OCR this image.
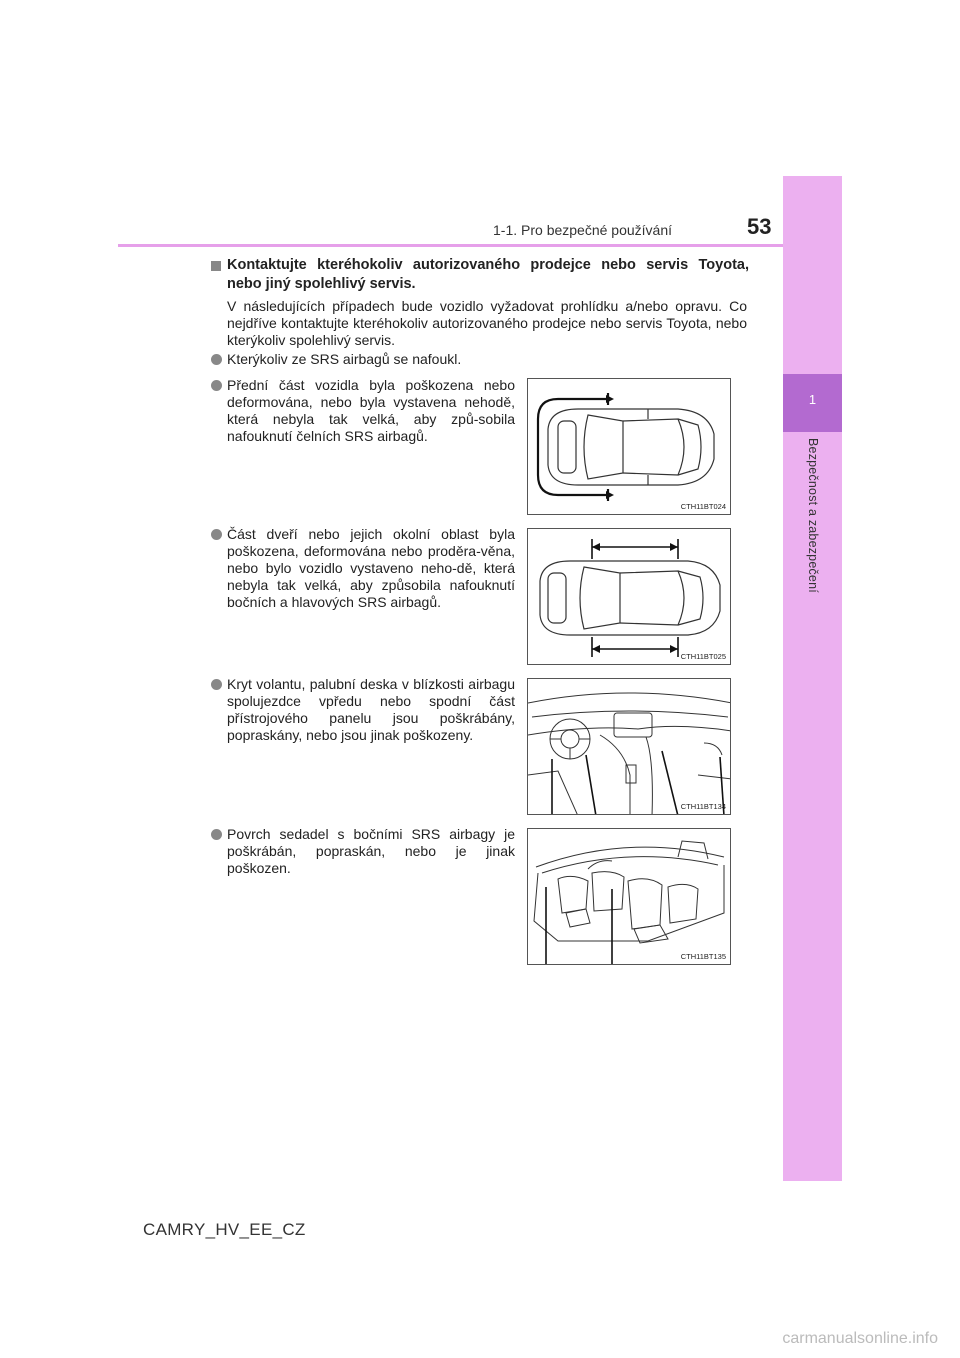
1
Bezpečnost a zabezpečení
1-1. Pro bezpečné používání	53
Kontaktujte kteréhokoliv autorizovaného prodejce nebo servis Toyota, nebo jiný spolehlivý servis.
V následujících případech bude vozidlo vyžadovat prohlídku a/nebo opravu. Co nejdříve kontaktujte kteréhokoliv autorizovaného prodejce nebo servis Toyota, nebo kterýkoliv spolehlivý servis.
Kterýkoliv ze SRS airbagů se nafoukl.
Přední část vozidla byla poškozena nebo deformována, nebo byla vystavena nehodě, která nebyla tak velká, aby způ-sobila nafouknutí čelních SRS airbagů.
Část dveří nebo jejich okolní oblast byla poškozena, deformována nebo proděra-věna, nebo bylo vozidlo vystaveno neho-dě, která nebyla tak velká, aby způsobila nafouknutí bočních a hlavových SRS airbagů.
Kryt volantu, palubní deska v blízkosti airbagu spolujezdce vpředu nebo spodní část přístrojového panelu jsou poškrábány, popraskány, nebo jsou jinak poškozeny.
Povrch sedadel s bočními SRS airbagy je poškrábán, popraskán, nebo je jinak poškozen.
CTH11BT024
CTH11BT025
CTH11BT134
CTH11BT135
CAMRY_HV_EE_CZ
carmanualsonline.info
